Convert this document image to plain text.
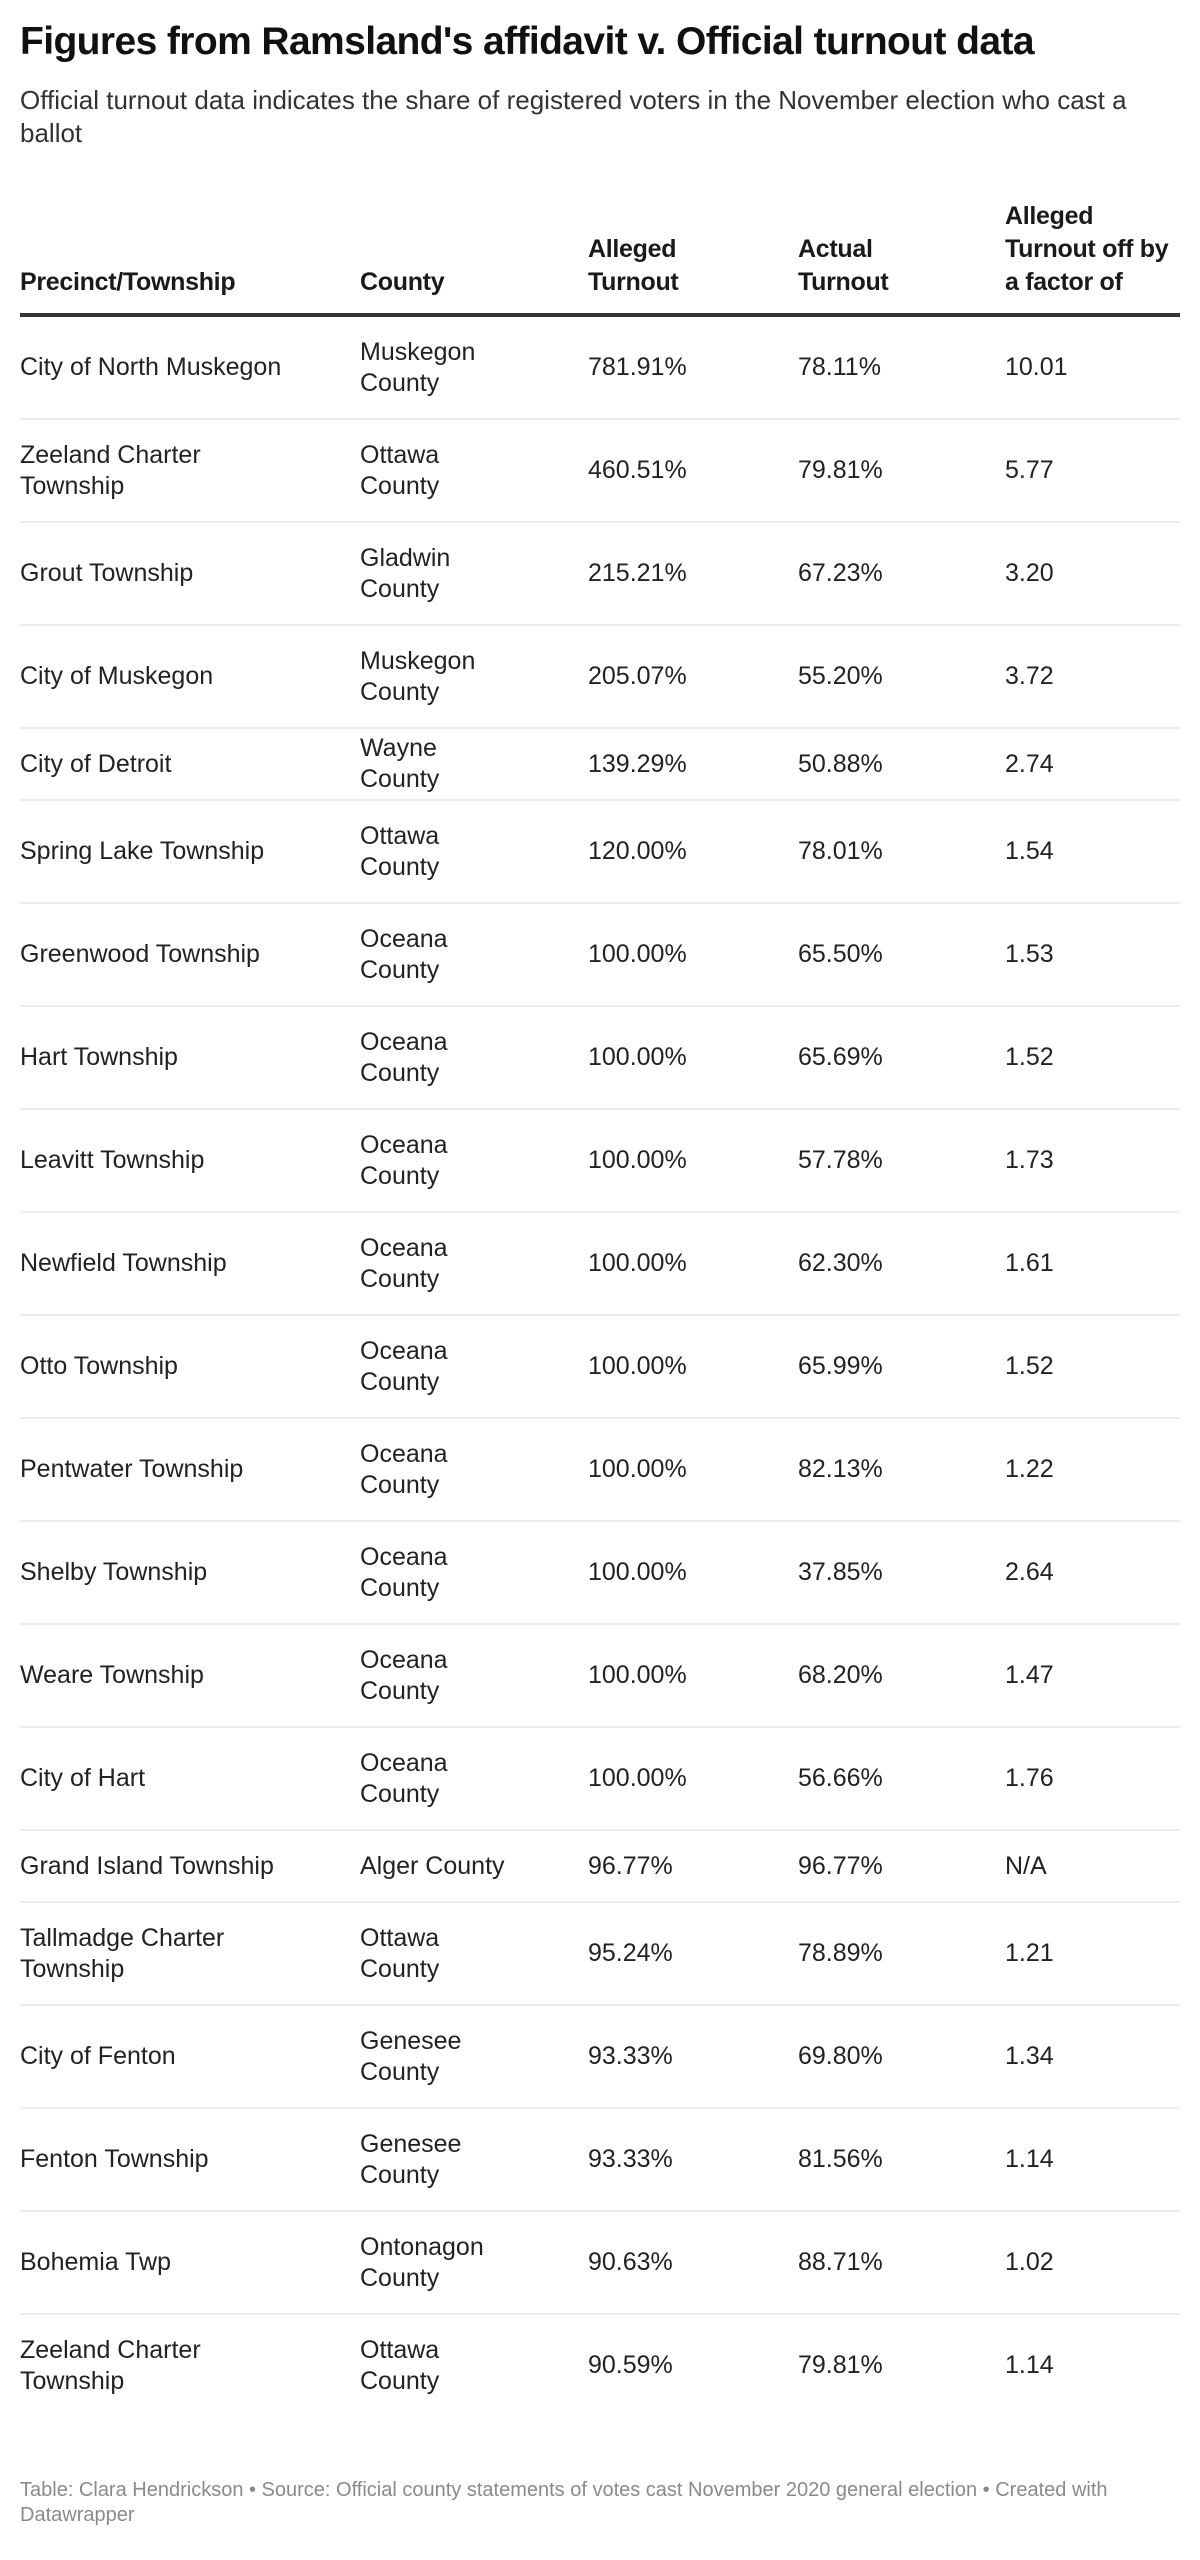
Figures from Ramsland's affidavit v. Official turnout data

Official turnout data indicates the share of registered voters in the November election who cast a ballot

Precinct/Township	County	Alleged Turnout	Actual Turnout	Alleged Turnout off by a factor of
City of North Muskegon	Muskegon County	781.91%	78.11%	10.01
Zeeland Charter Township	Ottawa County	460.51%	79.81%	5.77
Grout Township	Gladwin County	215.21%	67.23%	3.20
City of Muskegon	Muskegon County	205.07%	55.20%	3.72
City of Detroit	Wayne County	139.29%	50.88%	2.74
Spring Lake Township	Ottawa County	120.00%	78.01%	1.54
Greenwood Township	Oceana County	100.00%	65.50%	1.53
Hart Township	Oceana County	100.00%	65.69%	1.52
Leavitt Township	Oceana County	100.00%	57.78%	1.73
Newfield Township	Oceana County	100.00%	62.30%	1.61
Otto Township	Oceana County	100.00%	65.99%	1.52
Pentwater Township	Oceana County	100.00%	82.13%	1.22
Shelby Township	Oceana County	100.00%	37.85%	2.64
Weare Township	Oceana County	100.00%	68.20%	1.47
City of Hart	Oceana County	100.00%	56.66%	1.76
Grand Island Township	Alger County	96.77%	96.77%	N/A
Tallmadge Charter Township	Ottawa County	95.24%	78.89%	1.21
City of Fenton	Genesee County	93.33%	69.80%	1.34
Fenton Township	Genesee County	93.33%	81.56%	1.14
Bohemia Twp	Ontonagon County	90.63%	88.71%	1.02
Zeeland Charter Township	Ottawa County	90.59%	79.81%	1.14
Table: Clara Hendrickson • Source: Official county statements of votes cast November 2020 general election • Created with Datawrapper
